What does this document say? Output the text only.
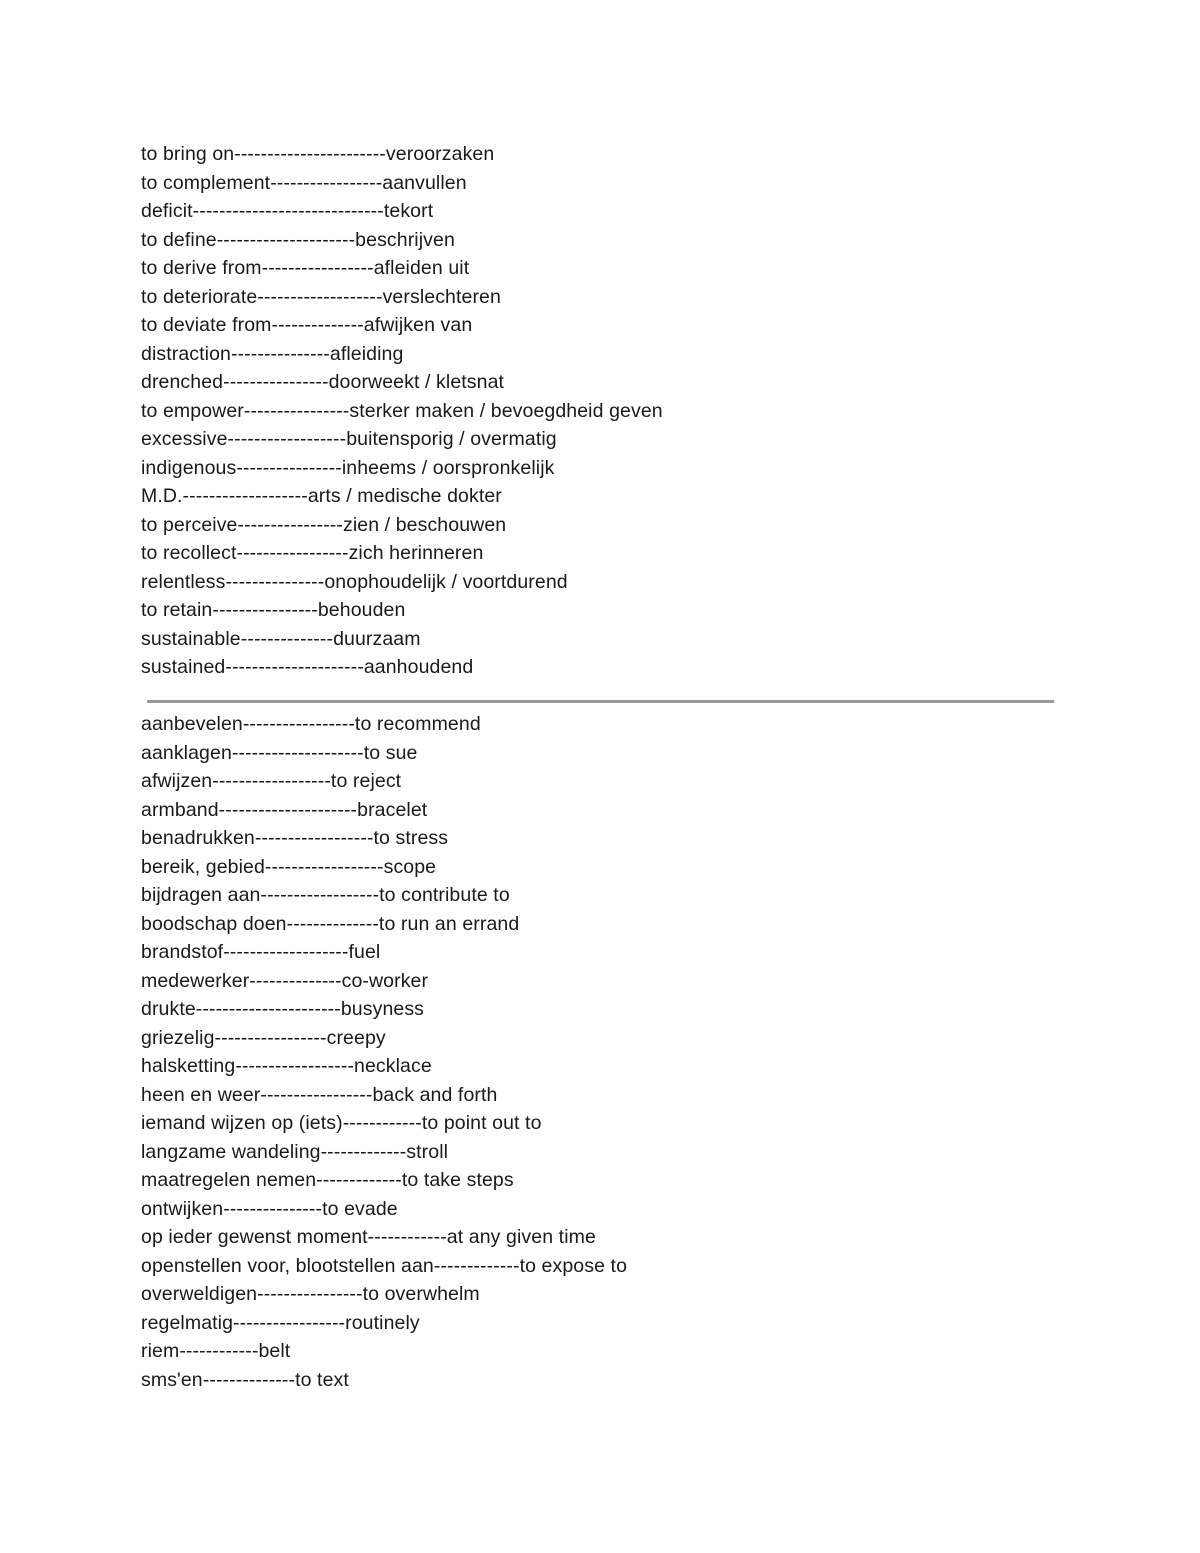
to bring on-----------------------veroorzaken
to complement-----------------aanvullen
deficit-----------------------------tekort
to define---------------------beschrijven
to derive from-----------------afleiden uit
to deteriorate-------------------verslechteren
to deviate from--------------afwijken van
distraction---------------afleiding
drenched----------------doorweekt / kletsnat
to empower----------------sterker maken / bevoegdheid geven
excessive------------------buitensporig / overmatig
indigenous----------------inheems / oorspronkelijk
M.D.-------------------arts / medische dokter
to perceive----------------zien / beschouwen
to recollect-----------------zich herinneren
relentless---------------onophoudelijk / voortdurend
to retain----------------behouden
sustainable--------------duurzaam
sustained---------------------aanhoudend
aanbevelen-----------------to recommend
aanklagen--------------------to sue
afwijzen------------------to reject
armband---------------------bracelet
benadrukken------------------to stress
bereik, gebied------------------scope
bijdragen aan------------------to contribute to
boodschap doen--------------to run an errand
brandstof-------------------fuel
medewerker--------------co-worker
drukte----------------------busyness
griezelig-----------------creepy
halsketting------------------necklace
heen en weer-----------------back and forth
iemand wijzen op (iets)------------to point out to
langzame wandeling-------------stroll
maatregelen nemen-------------to take steps
ontwijken---------------to evade
op ieder gewenst moment------------at any given time
openstellen voor, blootstellen aan-------------to expose to
overweldigen----------------to overwhelm
regelmatig-----------------routinely
riem------------belt
sms'en--------------to text
